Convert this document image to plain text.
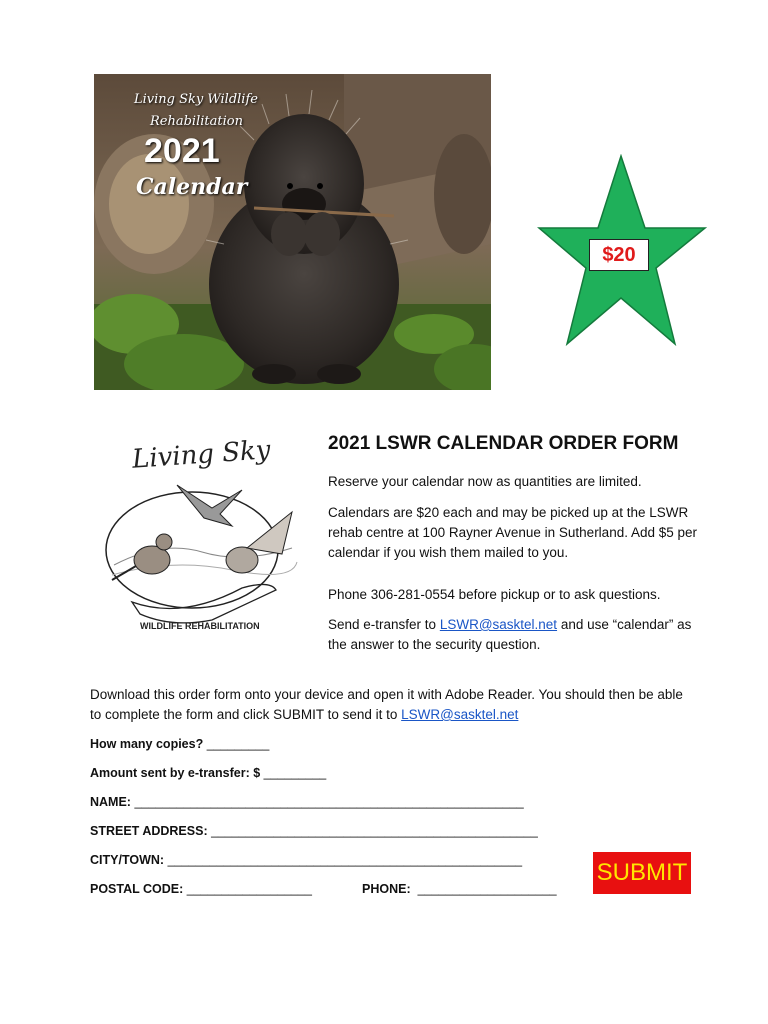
Living Sky Wildlife
Rehabilitation
2021
Calendar
$20
Living Sky
WILDLIFE REHABILITATION
2021 LSWR CALENDAR ORDER FORM
Reserve your calendar now as quantities are limited.
Calendars are $20 each and may be picked up at the LSWR rehab centre at 100 Rayner Avenue in Sutherland. Add $5 per calendar if you wish them mailed to you.
Phone 306-281-0554 before pickup or to ask questions.
Send e-transfer to LSWR@sasktel.net and use “calendar” as the answer to the security question.
Download this order form onto your device and open it with Adobe Reader. You should then be able to complete the form and click SUBMIT to send it to LSWR@sasktel.net
How many copies? _________
Amount sent by e-transfer: $ _________
NAME: ________________________________________________________
STREET ADDRESS: _______________________________________________
CITY/TOWN: ___________________________________________________
POSTAL CODE: __________________	PHONE: ____________________
SUBMIT
